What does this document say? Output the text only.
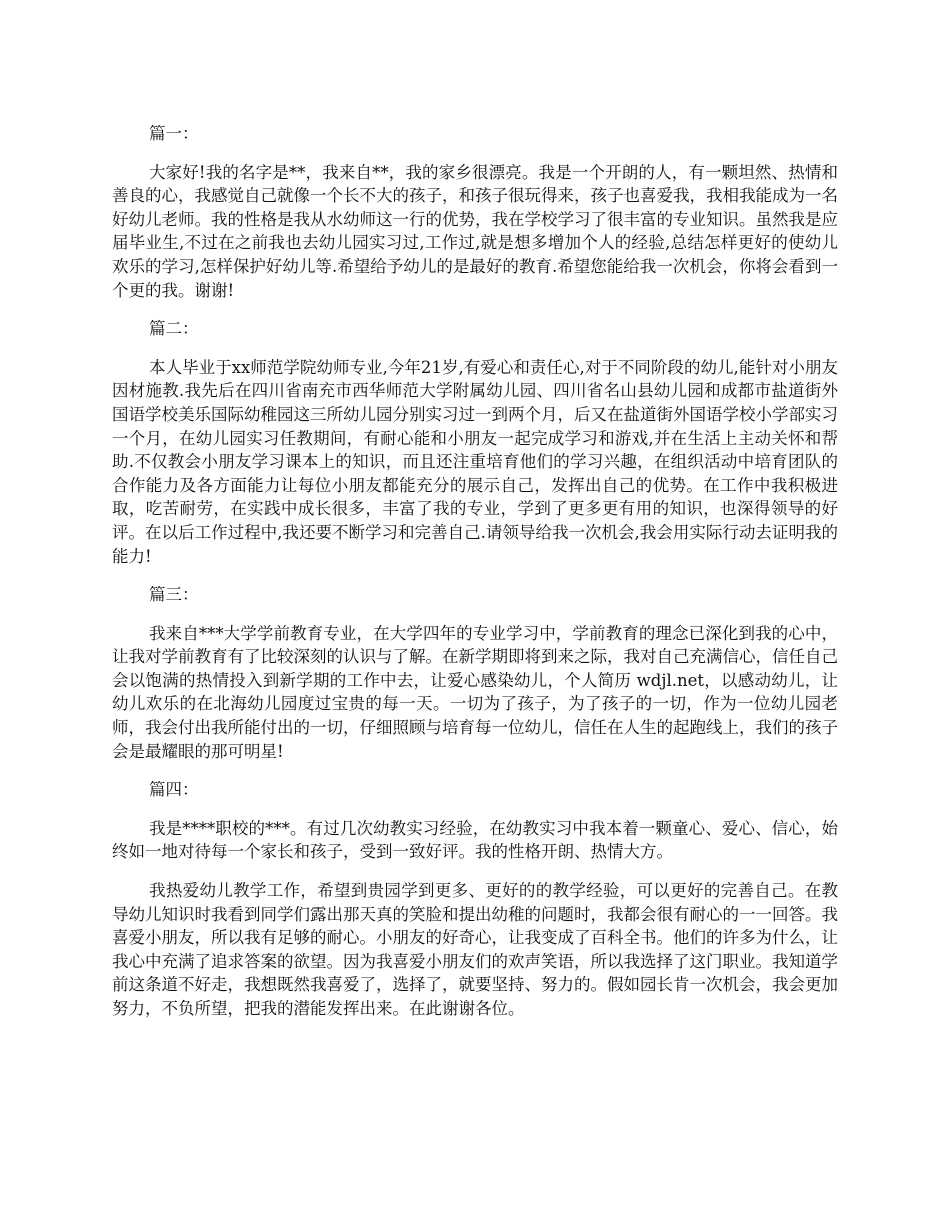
篇一：

大家好!我的名字是**，我来自**，我的家乡很漂亮。我是一个开朗的人，有一颗坦然、热情和善良的心，我感觉自己就像一个长不大的孩子，和孩子很玩得来，孩子也喜爱我，我相我能成为一名好幼儿老师。我的性格是我从水幼师这一行的优势，我在学校学习了很丰富的专业知识。虽然我是应届毕业生,不过在之前我也去幼儿园实习过,工作过,就是想多增加个人的经验,总结怎样更好的使幼儿欢乐的学习,怎样保护好幼儿等.希望给予幼儿的是最好的教育.希望您能给我一次机会，你将会看到一个更的我。谢谢!

篇二：

本人毕业于xx师范学院幼师专业,今年21岁,有爱心和责任心,对于不同阶段的幼儿,能针对小朋友因材施教.我先后在四川省南充市西华师范大学附属幼儿园、四川省名山县幼儿园和成都市盐道街外国语学校美乐国际幼稚园这三所幼儿园分别实习过一到两个月，后又在盐道街外国语学校小学部实习一个月，在幼儿园实习任教期间，有耐心能和小朋友一起完成学习和游戏,并在生活上主动关怀和帮助.不仅教会小朋友学习课本上的知识，而且还注重培育他们的学习兴趣，在组织活动中培育团队的合作能力及各方面能力让每位小朋友都能充分的展示自己，发挥出自己的优势。在工作中我积极进取，吃苦耐劳，在实践中成长很多，丰富了我的专业，学到了更多更有用的知识，也深得领导的好评。在以后工作过程中,我还要不断学习和完善自己.请领导给我一次机会,我会用实际行动去证明我的能力!

篇三：

我来自***大学学前教育专业，在大学四年的专业学习中，学前教育的理念已深化到我的心中，让我对学前教育有了比较深刻的认识与了解。在新学期即将到来之际，我对自己充满信心，信任自己会以饱满的热情投入到新学期的工作中去，让爱心感染幼儿，个人简历 wdjl.net，以感动幼儿，让幼儿欢乐的在北海幼儿园度过宝贵的每一天。一切为了孩子，为了孩子的一切，作为一位幼儿园老师，我会付出我所能付出的一切，仔细照顾与培育每一位幼儿，信任在人生的起跑线上，我们的孩子会是最耀眼的那可明星!

篇四：

我是****职校的***。有过几次幼教实习经验，在幼教实习中我本着一颗童心、爱心、信心，始终如一地对待每一个家长和孩子，受到一致好评。我的性格开朗、热情大方。

我热爱幼儿教学工作，希望到贵园学到更多、更好的的教学经验，可以更好的完善自己。在教导幼儿知识时我看到同学们露出那天真的笑脸和提出幼稚的问题时，我都会很有耐心的一一回答。我喜爱小朋友，所以我有足够的耐心。小朋友的好奇心，让我变成了百科全书。他们的许多为什么，让我心中充满了追求答案的欲望。因为我喜爱小朋友们的欢声笑语，所以我选择了这门职业。我知道学前这条道不好走，我想既然我喜爱了，选择了，就要坚持、努力的。假如园长肯一次机会，我会更加努力，不负所望，把我的潜能发挥出来。在此谢谢各位。
